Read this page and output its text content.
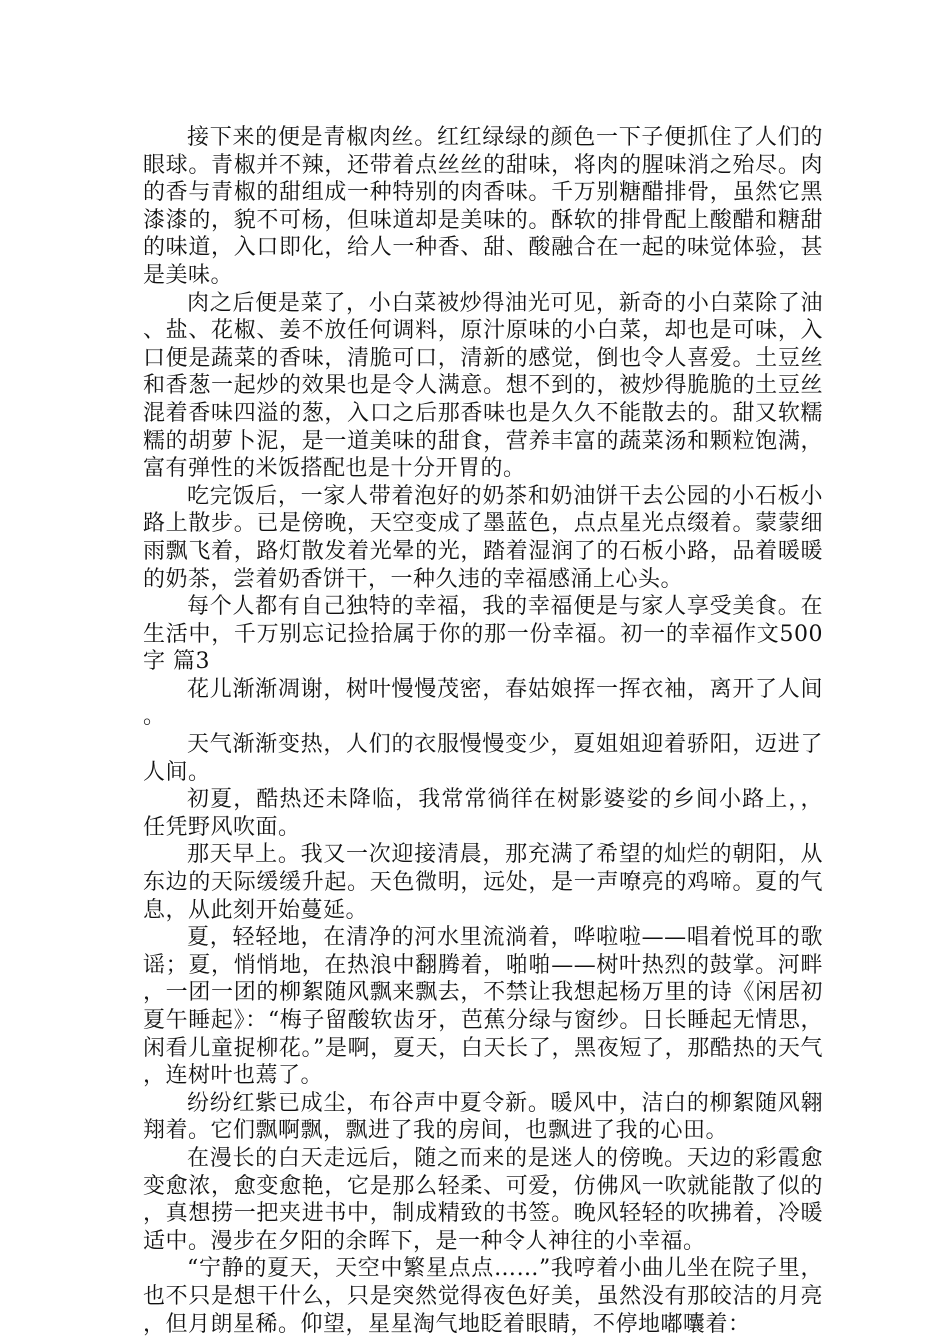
接下来的便是青椒肉丝。红红绿绿的颜色一下子便抓住了人们的眼球。青椒并不辣，还带着点丝丝的甜味，将肉的腥味消之殆尽。肉的香与青椒的甜组成一种特别的肉香味。千万别糖醋排骨，虽然它黑漆漆的，貌不可杨，但味道却是美味的。酥软的排骨配上酸醋和糖甜的味道，入口即化，给人一种香、甜、酸融合在一起的味觉体验，甚是美味。

肉之后便是菜了，小白菜被炒得油光可见，新奇的小白菜除了油、盐、花椒、姜不放任何调料，原汁原味的小白菜，却也是可味，入口便是蔬菜的香味，清脆可口，清新的感觉，倒也令人喜爱。土豆丝和香葱一起炒的效果也是令人满意。想不到的，被炒得脆脆的土豆丝混着香味四溢的葱，入口之后那香味也是久久不能散去的。甜又软糯糯的胡萝卜泥，是一道美味的甜食，营养丰富的蔬菜汤和颗粒饱满，富有弹性的米饭搭配也是十分开胃的。

吃完饭后，一家人带着泡好的奶茶和奶油饼干去公园的小石板小路上散步。已是傍晚，天空变成了墨蓝色，点点星光点缀着。蒙蒙细雨飘飞着，路灯散发着光晕的光，踏着湿润了的石板小路，品着暖暖的奶茶，尝着奶香饼干，一种久违的幸福感涌上心头。

每个人都有自己独特的幸福，我的幸福便是与家人享受美食。在生活中，千万别忘记捡拾属于你的那一份幸福。初一的幸福作文500字 篇3

花儿渐渐凋谢，树叶慢慢茂密，春姑娘挥一挥衣袖，离开了人间。

天气渐渐变热，人们的衣服慢慢变少，夏姐姐迎着骄阳，迈进了人间。

初夏，酷热还未降临，我常常徜徉在树影婆娑的乡间小路上，，任凭野风吹面。

那天早上。我又一次迎接清晨，那充满了希望的灿烂的朝阳，从东边的天际缓缓升起。天色微明，远处，是一声嘹亮的鸡啼。夏的气息，从此刻开始蔓延。

夏，轻轻地，在清净的河水里流淌着，哗啦啦——唱着悦耳的歌谣；夏，悄悄地，在热浪中翻腾着，啪啪——树叶热烈的鼓掌。河畔，一团一团的柳絮随风飘来飘去，不禁让我想起杨万里的诗《闲居初夏午睡起》：“梅子留酸软齿牙，芭蕉分绿与窗纱。日长睡起无情思，闲看儿童捉柳花。”是啊，夏天，白天长了，黑夜短了，那酷热的天气，连树叶也蔫了。

纷纷红紫已成尘，布谷声中夏令新。暖风中，洁白的柳絮随风翱翔着。它们飘啊飘，飘进了我的房间，也飘进了我的心田。

在漫长的白天走远后，随之而来的是迷人的傍晚。天边的彩霞愈变愈浓，愈变愈艳，它是那么轻柔、可爱，仿佛风一吹就能散了似的，真想捞一把夹进书中，制成精致的书签。晚风轻轻的吹拂着，冷暖适中。漫步在夕阳的余晖下，是一种令人神往的小幸福。

“宁静的夏天，天空中繁星点点……”我哼着小曲儿坐在院子里，也不只是想干什么，只是突然觉得夜色好美，虽然没有那皎洁的月亮，但月朗星稀。仰望，星星淘气地眨着眼睛，不停地嘟囔着：
